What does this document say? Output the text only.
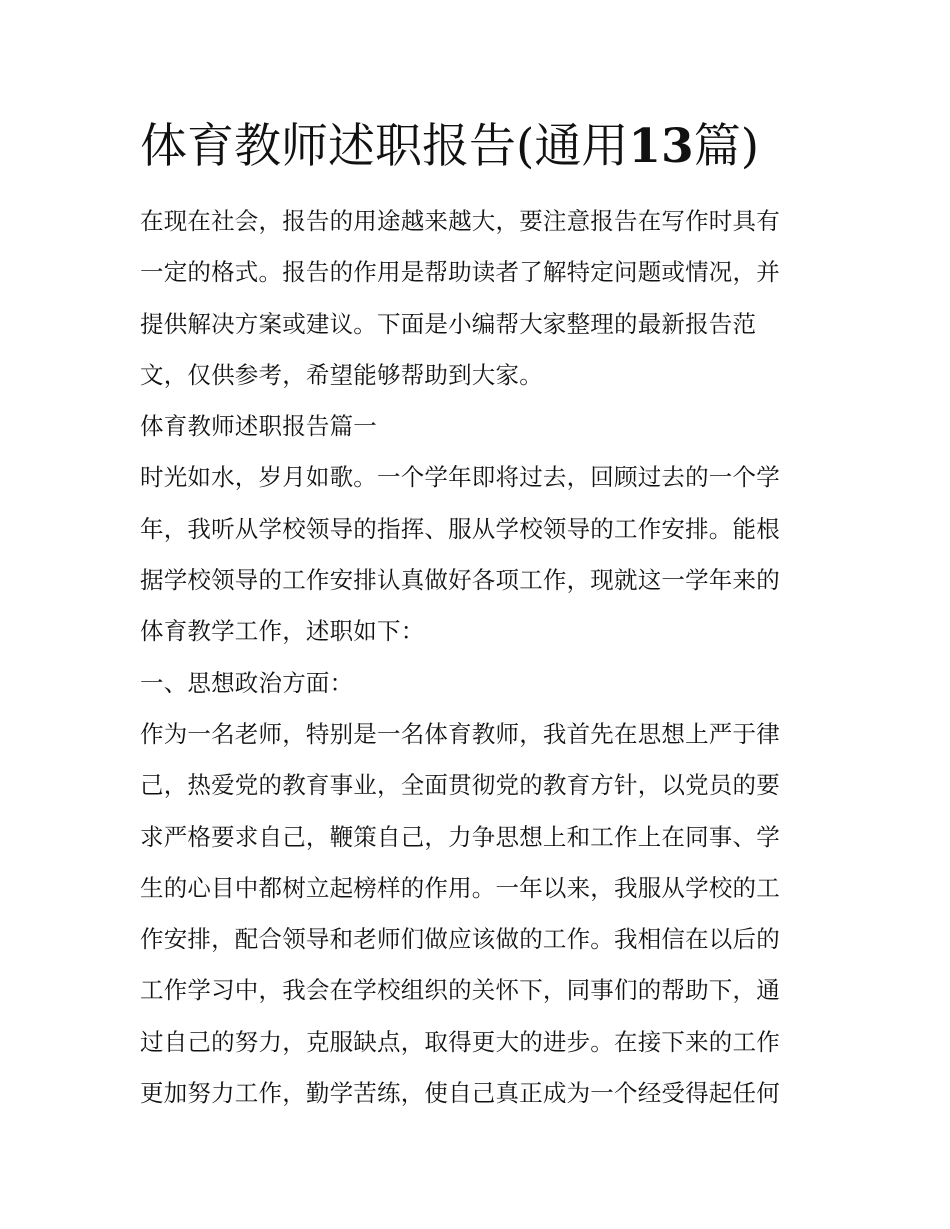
体育教师述职报告(通用13篇)
在现在社会，报告的用途越来越大，要注意报告在写作时具有
一定的格式。报告的作用是帮助读者了解特定问题或情况，并
提供解决方案或建议。下面是小编帮大家整理的最新报告范
文，仅供参考，希望能够帮助到大家。
体育教师述职报告篇一
时光如水，岁月如歌。一个学年即将过去，回顾过去的一个学
年，我听从学校领导的指挥、服从学校领导的工作安排。能根
据学校领导的工作安排认真做好各项工作，现就这一学年来的
体育教学工作，述职如下：
一、思想政治方面：
作为一名老师，特别是一名体育教师，我首先在思想上严于律
己，热爱党的教育事业，全面贯彻党的教育方针，以党员的要
求严格要求自己，鞭策自己，力争思想上和工作上在同事、学
生的心目中都树立起榜样的作用。一年以来，我服从学校的工
作安排，配合领导和老师们做应该做的工作。我相信在以后的
工作学习中，我会在学校组织的关怀下，同事们的帮助下，通
过自己的努力，克服缺点，取得更大的进步。在接下来的工作
更加努力工作，勤学苦练，使自己真正成为一个经受得起任何
